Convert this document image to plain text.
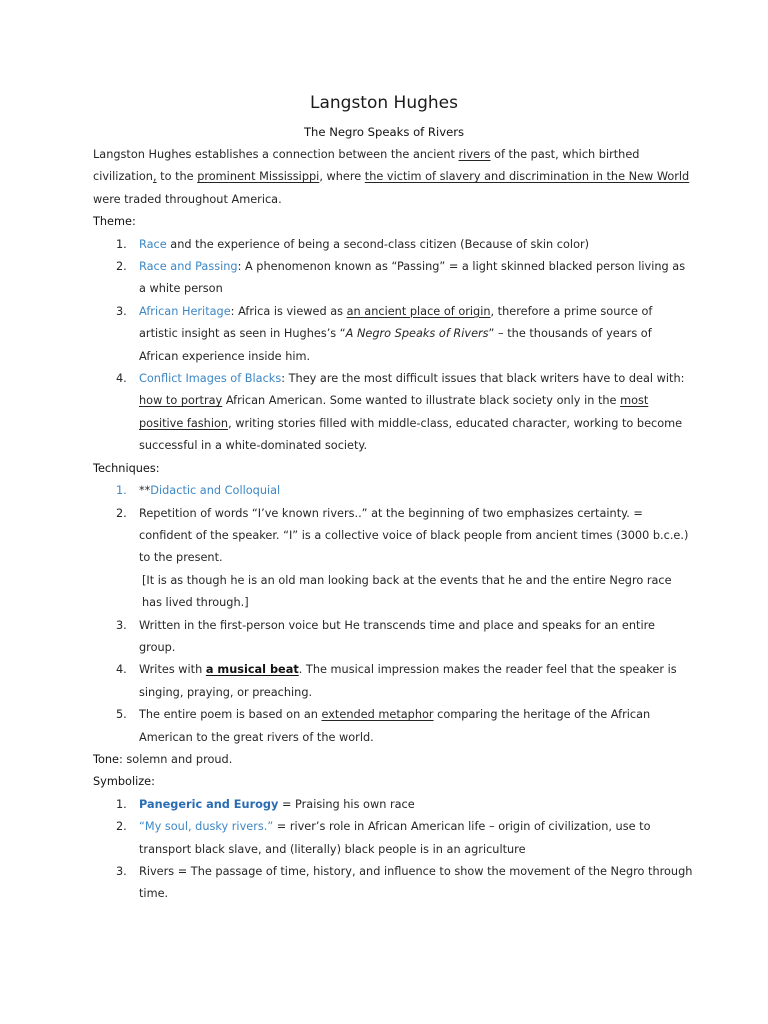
Langston Hughes
The Negro Speaks of Rivers

Langston Hughes establishes a connection between the ancient rivers of the past, which birthed civilization, to the prominent Mississippi, where the victim of slavery and discrimination in the New World were traded throughout America.

Theme:

1. Race and the experience of being a second-class citizen (Because of skin color)
2. Race and Passing: A phenomenon known as “Passing” = a light skinned blacked person living as a white person
3. African Heritage: Africa is viewed as an ancient place of origin, therefore a prime source of artistic insight as seen in Hughes’s “A Negro Speaks of Rivers” – the thousands of years of African experience inside him.
4. Conflict Images of Blacks: They are the most difficult issues that black writers have to deal with: how to portray African American. Some wanted to illustrate black society only in the most positive fashion, writing stories filled with middle-class, educated character, working to become successful in a white-dominated society.

Techniques:

1. **Didactic and Colloquial
2. Repetition of words “I’ve known rivers..” at the beginning of two emphasizes certainty. = confident of the speaker. “I” is a collective voice of black people from ancient times (3000 b.c.e.) to the present.
[It is as though he is an old man looking back at the events that he and the entire Negro race has lived through.]
3. Written in the first-person voice but He transcends time and place and speaks for an entire group.
4. Writes with a musical beat. The musical impression makes the reader feel that the speaker is singing, praying, or preaching.
5. The entire poem is based on an extended metaphor comparing the heritage of the African American to the great rivers of the world.

Tone: solemn and proud.

Symbolize:

1. Panegeric and Eurogy = Praising his own race
2. “My soul, dusky rivers.” = river’s role in African American life – origin of civilization, use to transport black slave, and (literally) black people is in an agriculture
3. Rivers = The passage of time, history, and influence to show the movement of the Negro through time.
